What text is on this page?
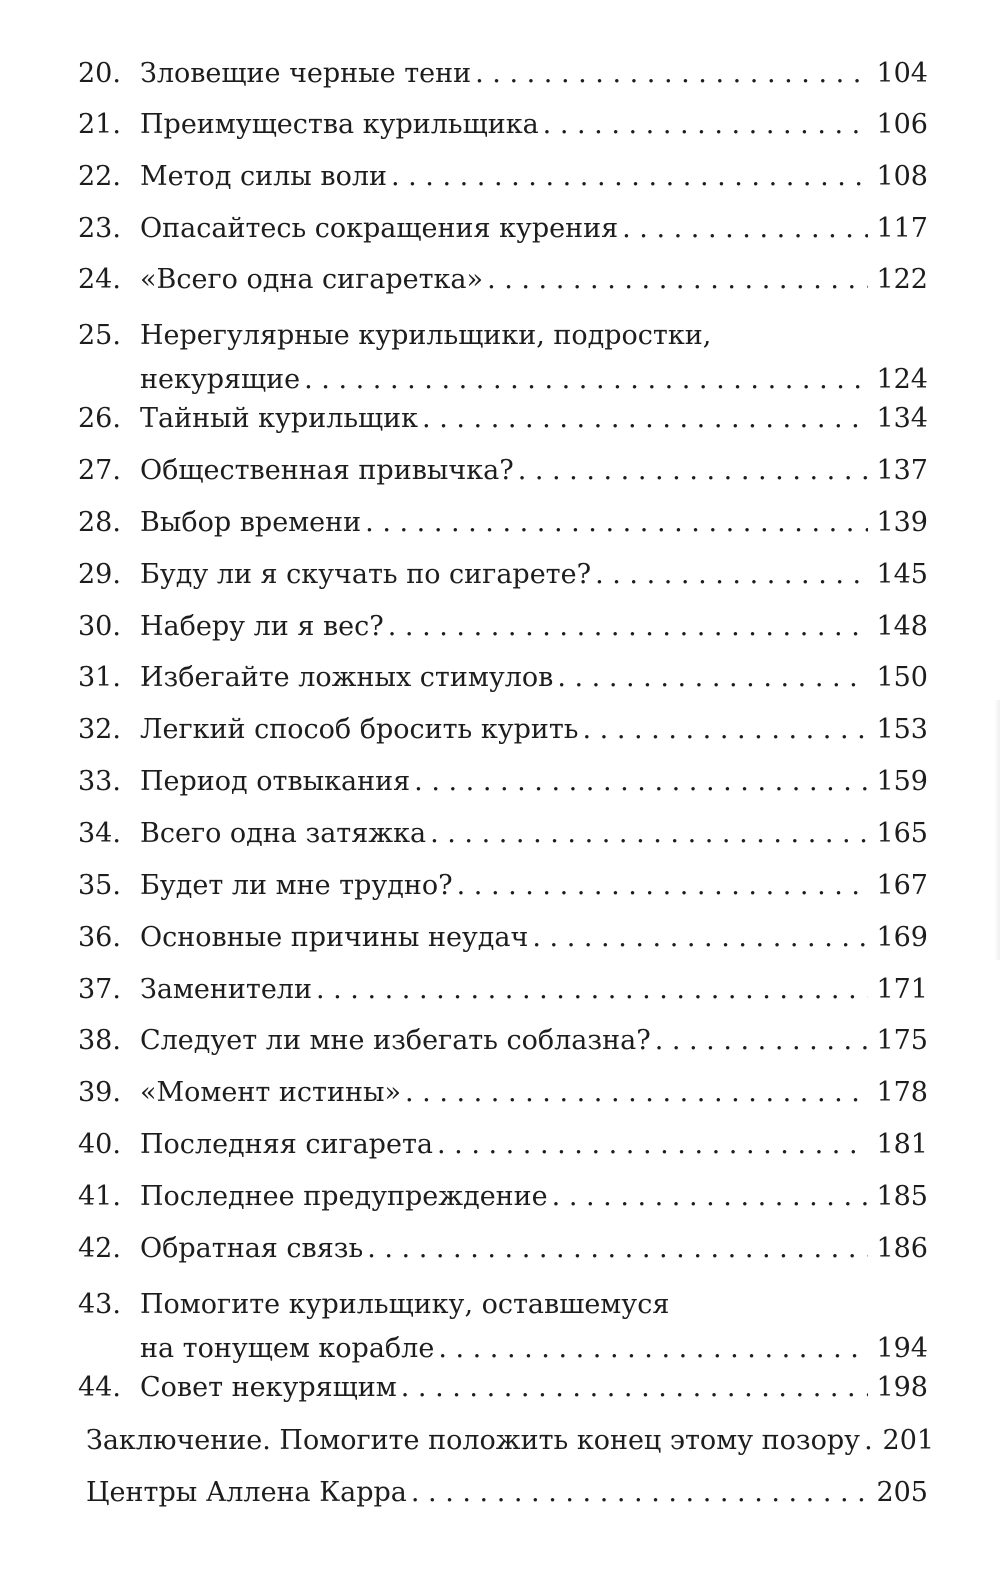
20. Зловещие черные тени . . .	104
21. Преимущества курильщика . . .	106
22. Метод силы воли . . .	108
23. Опасайтесь сокращения курения . . .	117
24. «Всего одна сигаретка» . . .	122
25. Нерегулярные курильщики, подростки,
некурящие . . .	124
26. Тайный курильщик . . .	134
27. Общественная привычка? . . .	137
28. Выбор времени . . .	139
29. Буду ли я скучать по сигарете? . . .	145
30. Наберу ли я вес? . . .	148
31. Избегайте ложных стимулов . . .	150
32. Легкий способ бросить курить . . .	153
33. Период отвыкания . . .	159
34. Всего одна затяжка . . .	165
35. Будет ли мне трудно? . . .	167
36. Основные причины неудач . . .	169
37. Заменители . . .	171
38. Следует ли мне избегать соблазна? . . .	175
39. «Момент истины» . . .	178
40. Последняя сигарета . . .	181
41. Последнее предупреждение . . .	185
42. Обратная связь . . .	186
43. Помогите курильщику, оставшемуся
на тонущем корабле . . .	194
44. Совет некурящим . . .	198
Заключение. Помогите положить конец этому позору . . . 201
Центры Аллена Карра . . .	205
